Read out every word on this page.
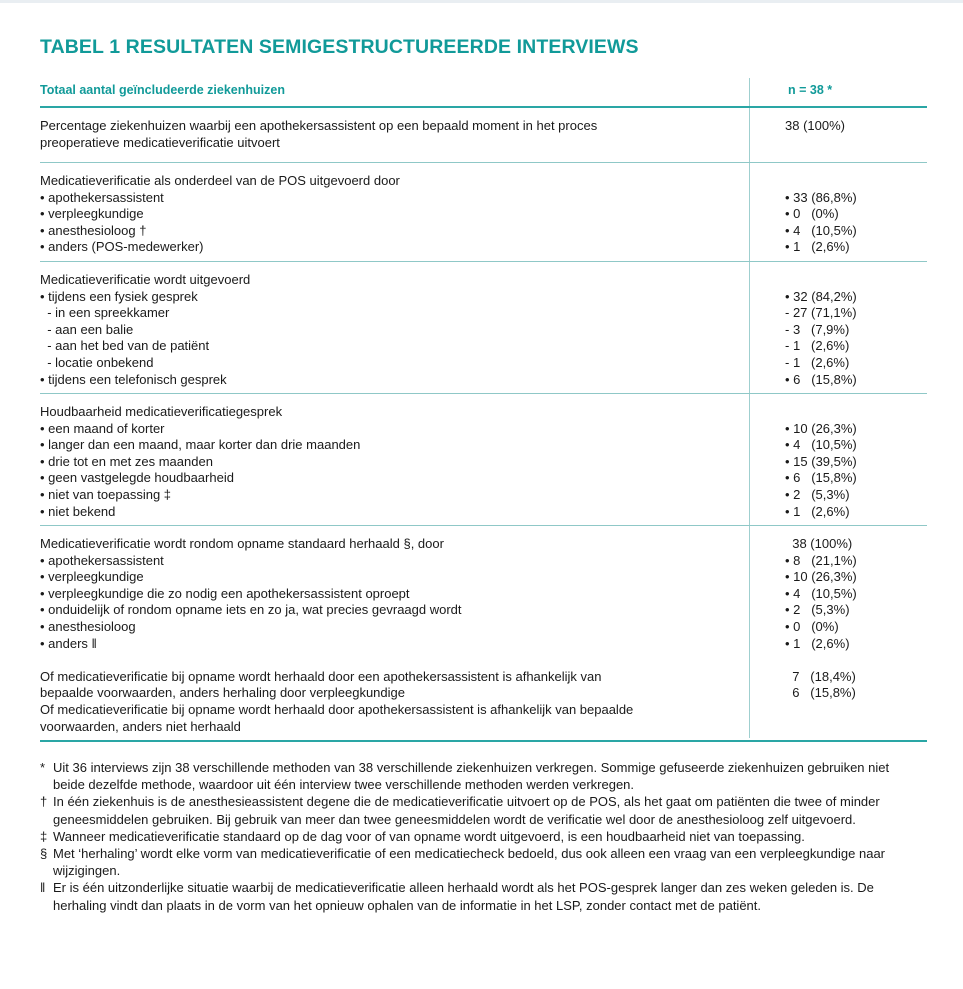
TABEL 1 RESULTATEN SEMIGESTRUCTUREERDE INTERVIEWS
Totaal aantal geïncludeerde ziekenhuizen	n = 38 *
Percentage ziekenhuizen waarbij een apothekersassistent op een bepaald moment in het proces
preoperatieve medicatieverificatie uitvoert
38 (100%)
Medicatieverificatie als onderdeel van de POS uitgevoerd door
• apothekersassistent
• verpleegkundige
• anesthesioloog †
• anders (POS-medewerker)
• 33 (86,8%)
• 0   (0%)
• 4   (10,5%)
• 1   (2,6%)
Medicatieverificatie wordt uitgevoerd
• tijdens een fysiek gesprek
- in een spreekkamer
- aan een balie
- aan het bed van de patiënt
- locatie onbekend
• tijdens een telefonisch gesprek
• 32 (84,2%)
- 27 (71,1%)
- 3   (7,9%)
- 1   (2,6%)
- 1   (2,6%)
• 6   (15,8%)
Houdbaarheid medicatieverificatiegesprek
• een maand of korter
• langer dan een maand, maar korter dan drie maanden
• drie tot en met zes maanden
• geen vastgelegde houdbaarheid
• niet van toepassing ‡
• niet bekend
• 10 (26,3%)
• 4   (10,5%)
• 15 (39,5%)
• 6   (15,8%)
• 2   (5,3%)
• 1   (2,6%)
Medicatieverificatie wordt rondom opname standaard herhaald §, door
• apothekersassistent
• verpleegkundige
• verpleegkundige die zo nodig een apothekersassistent oproept
• onduidelijk of rondom opname iets en zo ja, wat precies gevraagd wordt
• anesthesioloog
• anders ‖
Of medicatieverificatie bij opname wordt herhaald door een apothekersassistent is afhankelijk van
bepaalde voorwaarden, anders herhaling door verpleegkundige
Of medicatieverificatie bij opname wordt herhaald door apothekersassistent is afhankelijk van bepaalde
voorwaarden, anders niet herhaald
38 (100%)
• 8   (21,1%)
• 10 (26,3%)
• 4   (10,5%)
• 2   (5,3%)
• 0   (0%)
• 1   (2,6%)
7   (18,4%)
6   (15,8%)
* Uit 36 interviews zijn 38 verschillende methoden van 38 verschillende ziekenhuizen verkregen. Sommige gefuseerde ziekenhuizen gebruiken niet beide dezelfde methode, waardoor uit één interview twee verschillende methoden werden verkregen.
† In één ziekenhuis is de anesthesieassistent degene die de medicatieverificatie uitvoert op de POS, als het gaat om patiënten die twee of minder geneesmiddelen gebruiken. Bij gebruik van meer dan twee geneesmiddelen wordt de verificatie wel door de anesthesioloog zelf uitgevoerd.
‡ Wanneer medicatieverificatie standaard op de dag voor of van opname wordt uitgevoerd, is een houdbaarheid niet van toepassing.
§ Met ‘herhaling’ wordt elke vorm van medicatieverificatie of een medicatiecheck bedoeld, dus ook alleen een vraag van een verpleegkundige naar wijzigingen.
‖ Er is één uitzonderlijke situatie waarbij de medicatieverificatie alleen herhaald wordt als het POS-gesprek langer dan zes weken geleden is. De herhaling vindt dan plaats in de vorm van het opnieuw ophalen van de informatie in het LSP, zonder contact met de patiënt.
